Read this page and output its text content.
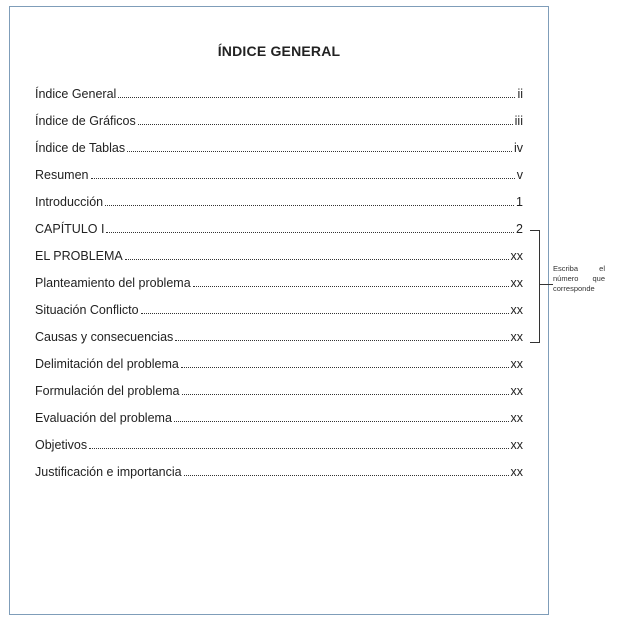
ÍNDICE GENERAL
Índice General	ii
Índice de Gráficos	iii
Índice de Tablas	iv
Resumen	v
Introducción	1
CAPÍTULO I	2
EL PROBLEMA	xx
Planteamiento del problema	xx
Situación Conflicto	xx
Causas y consecuencias	xx
Delimitación del problema	xx
Formulación del problema	xx
Evaluación del problema	xx
Objetivos	xx
Justificación e importancia	xx
Escriba el
número que
corresponde
